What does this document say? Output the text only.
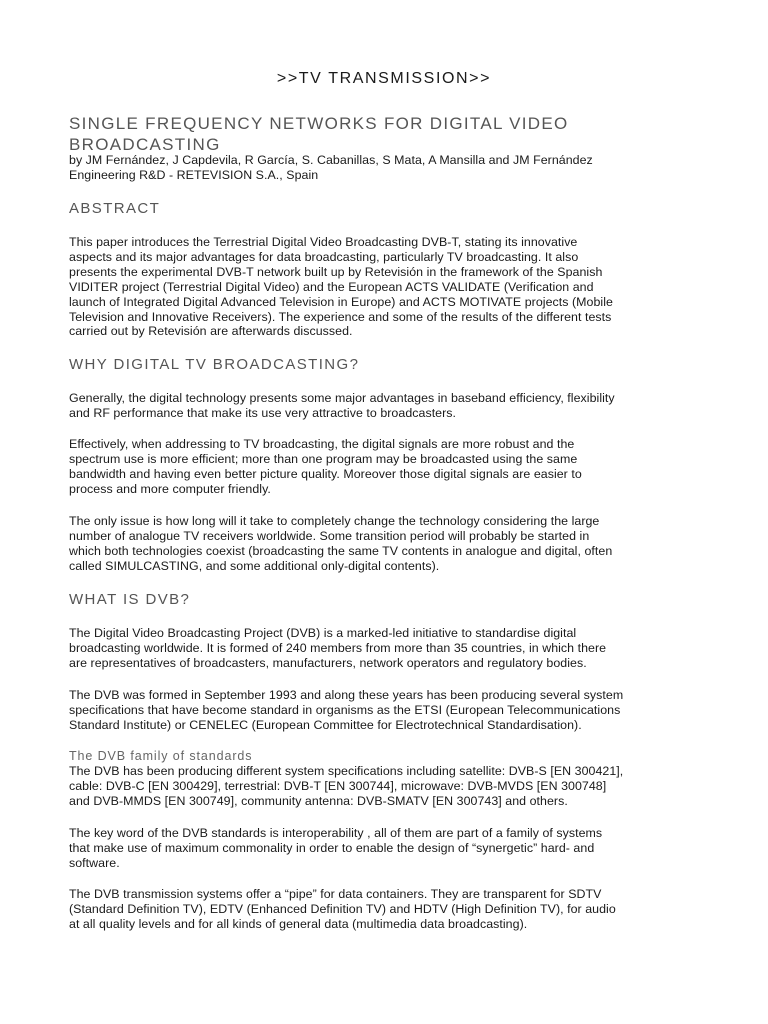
>>TV TRANSMISSION>>
SINGLE FREQUENCY NETWORKS FOR DIGITAL VIDEO
BROADCASTING
by JM Fernández, J Capdevila, R García, S. Cabanillas, S Mata, A Mansilla and JM Fernández
Engineering R&D - RETEVISION S.A., Spain
ABSTRACT
This paper introduces the Terrestrial Digital Video Broadcasting DVB-T, stating its innovative
aspects and its major advantages for data broadcasting, particularly TV broadcasting. It also
presents the experimental DVB-T network built up by Retevisión in the framework of the Spanish
VIDITER project (Terrestrial Digital Video) and the European ACTS VALIDATE (Verification and
launch of Integrated Digital Advanced Television in Europe) and ACTS MOTIVATE projects (Mobile
Television and Innovative Receivers). The experience and some of the results of the different tests
carried out by Retevisión are afterwards discussed.
WHY DIGITAL TV BROADCASTING?
Generally, the digital technology presents some major advantages in baseband efficiency, flexibility
and RF performance that make its use very attractive to broadcasters.
Effectively, when addressing to TV broadcasting, the digital signals are more robust and the
spectrum use is more efficient; more than one program may be broadcasted using the same
bandwidth and having even better picture quality. Moreover those digital signals are easier to
process and more computer friendly.
The only issue is how long will it take to completely change the technology considering the large
number of analogue TV receivers worldwide. Some transition period will probably be started in
which both technologies coexist (broadcasting the same TV contents in analogue and digital, often
called SIMULCASTING, and some additional only-digital contents).
WHAT IS DVB?
The Digital Video Broadcasting Project (DVB) is a marked-led initiative to standardise digital
broadcasting worldwide. It is formed of 240 members from more than 35 countries, in which there
are representatives of broadcasters, manufacturers, network operators and regulatory bodies.
The DVB was formed in September 1993 and along these years has been producing several system
specifications that have become standard in organisms as the ETSI (European Telecommunications
Standard Institute) or CENELEC (European Committee for Electrotechnical Standardisation).
The DVB family of standards
The DVB has been producing different system specifications including satellite: DVB-S [EN 300421],
cable: DVB-C [EN 300429], terrestrial: DVB-T [EN 300744], microwave: DVB-MVDS [EN 300748]
and DVB-MMDS [EN 300749], community antenna: DVB-SMATV [EN 300743] and others.
The key word of the DVB standards is interoperability , all of them are part of a family of systems
that make use of maximum commonality in order to enable the design of “synergetic” hard- and
software.
The DVB transmission systems offer a “pipe” for data containers. They are transparent for SDTV
(Standard Definition TV), EDTV (Enhanced Definition TV) and HDTV (High Definition TV), for audio
at all quality levels and for all kinds of general data (multimedia data broadcasting).
